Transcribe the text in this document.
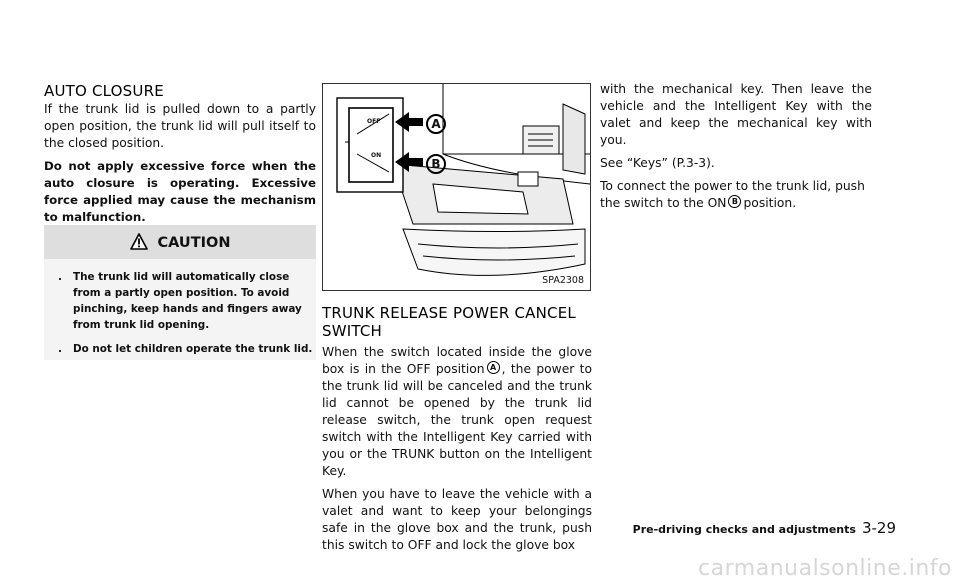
AUTO CLOSURE

If the trunk lid is pulled down to a partly open position, the trunk lid will pull itself to the closed position.

Do not apply excessive force when the auto closure is operating. Excessive force applied may cause the mechanism to malfunction.

CAUTION
. The trunk lid will automatically close from a partly open position. To avoid pinching, keep hands and fingers away from trunk lid opening.
. Do not let children operate the trunk lid.
OFF
ON
A
B
SPA2308
TRUNK RELEASE POWER CANCEL
SWITCH

When the switch located inside the glove box is in the OFF position A , the power to the trunk lid will be canceled and the trunk lid cannot be opened by the trunk lid release switch, the trunk open request switch with the Intelligent Key carried with you or the TRUNK button on the Intelligent Key.

When you have to leave the vehicle with a valet and want to keep your belongings safe in the glove box and the trunk, push this switch to OFF and lock the glove box

with the mechanical key. Then leave the vehicle and the Intelligent Key with the valet and keep the mechanical key with you.

See “Keys” (P.3-3).

To connect the power to the trunk lid, push the switch to the ON B position.

Pre-driving checks and adjustments 3-29
carmanualsonline.info
